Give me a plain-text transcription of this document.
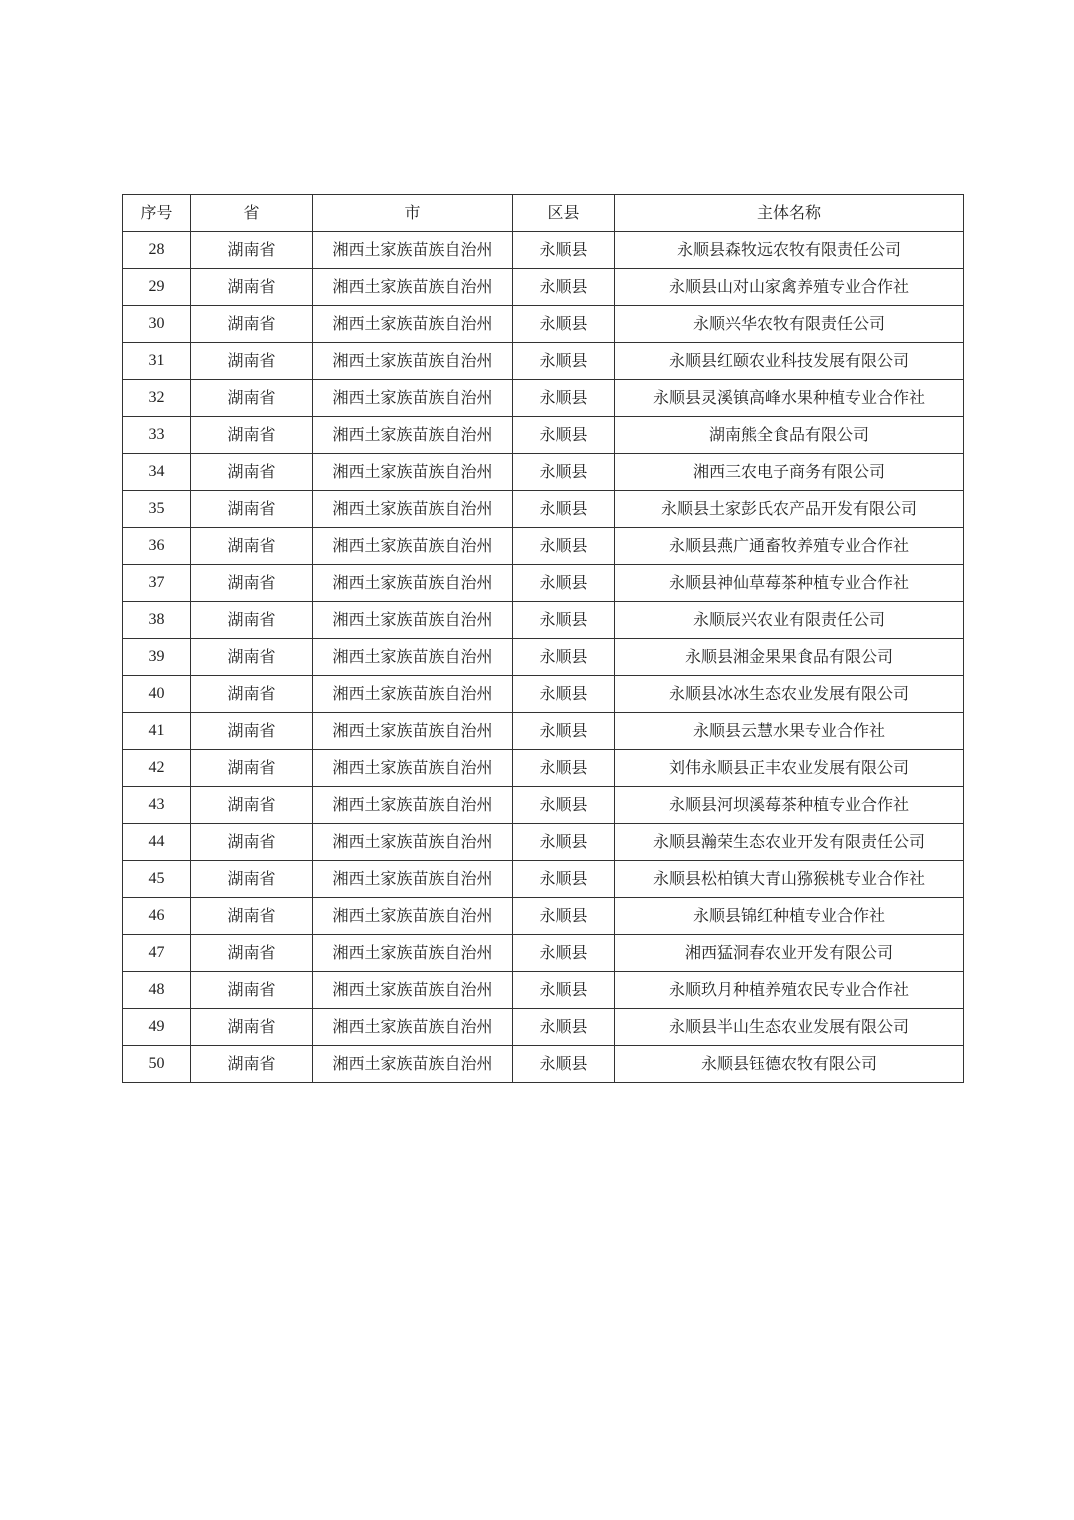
序号	省	市	区县	主体名称
28	湖南省	湘西土家族苗族自治州	永顺县	永顺县森牧远农牧有限责任公司
29	湖南省	湘西土家族苗族自治州	永顺县	永顺县山对山家禽养殖专业合作社
30	湖南省	湘西土家族苗族自治州	永顺县	永顺兴华农牧有限责任公司
31	湖南省	湘西土家族苗族自治州	永顺县	永顺县红颐农业科技发展有限公司
32	湖南省	湘西土家族苗族自治州	永顺县	永顺县灵溪镇高峰水果种植专业合作社
33	湖南省	湘西土家族苗族自治州	永顺县	湖南熊全食品有限公司
34	湖南省	湘西土家族苗族自治州	永顺县	湘西三农电子商务有限公司
35	湖南省	湘西土家族苗族自治州	永顺县	永顺县土家彭氏农产品开发有限公司
36	湖南省	湘西土家族苗族自治州	永顺县	永顺县燕广通畜牧养殖专业合作社
37	湖南省	湘西土家族苗族自治州	永顺县	永顺县神仙草莓茶种植专业合作社
38	湖南省	湘西土家族苗族自治州	永顺县	永顺辰兴农业有限责任公司
39	湖南省	湘西土家族苗族自治州	永顺县	永顺县湘金果果食品有限公司
40	湖南省	湘西土家族苗族自治州	永顺县	永顺县冰冰生态农业发展有限公司
41	湖南省	湘西土家族苗族自治州	永顺县	永顺县云慧水果专业合作社
42	湖南省	湘西土家族苗族自治州	永顺县	刘伟永顺县正丰农业发展有限公司
43	湖南省	湘西土家族苗族自治州	永顺县	永顺县河坝溪莓茶种植专业合作社
44	湖南省	湘西土家族苗族自治州	永顺县	永顺县瀚荣生态农业开发有限责任公司
45	湖南省	湘西土家族苗族自治州	永顺县	永顺县松柏镇大青山猕猴桃专业合作社
46	湖南省	湘西土家族苗族自治州	永顺县	永顺县锦红种植专业合作社
47	湖南省	湘西土家族苗族自治州	永顺县	湘西猛洞春农业开发有限公司
48	湖南省	湘西土家族苗族自治州	永顺县	永顺玖月种植养殖农民专业合作社
49	湖南省	湘西土家族苗族自治州	永顺县	永顺县半山生态农业发展有限公司
50	湖南省	湘西土家族苗族自治州	永顺县	永顺县钰德农牧有限公司
